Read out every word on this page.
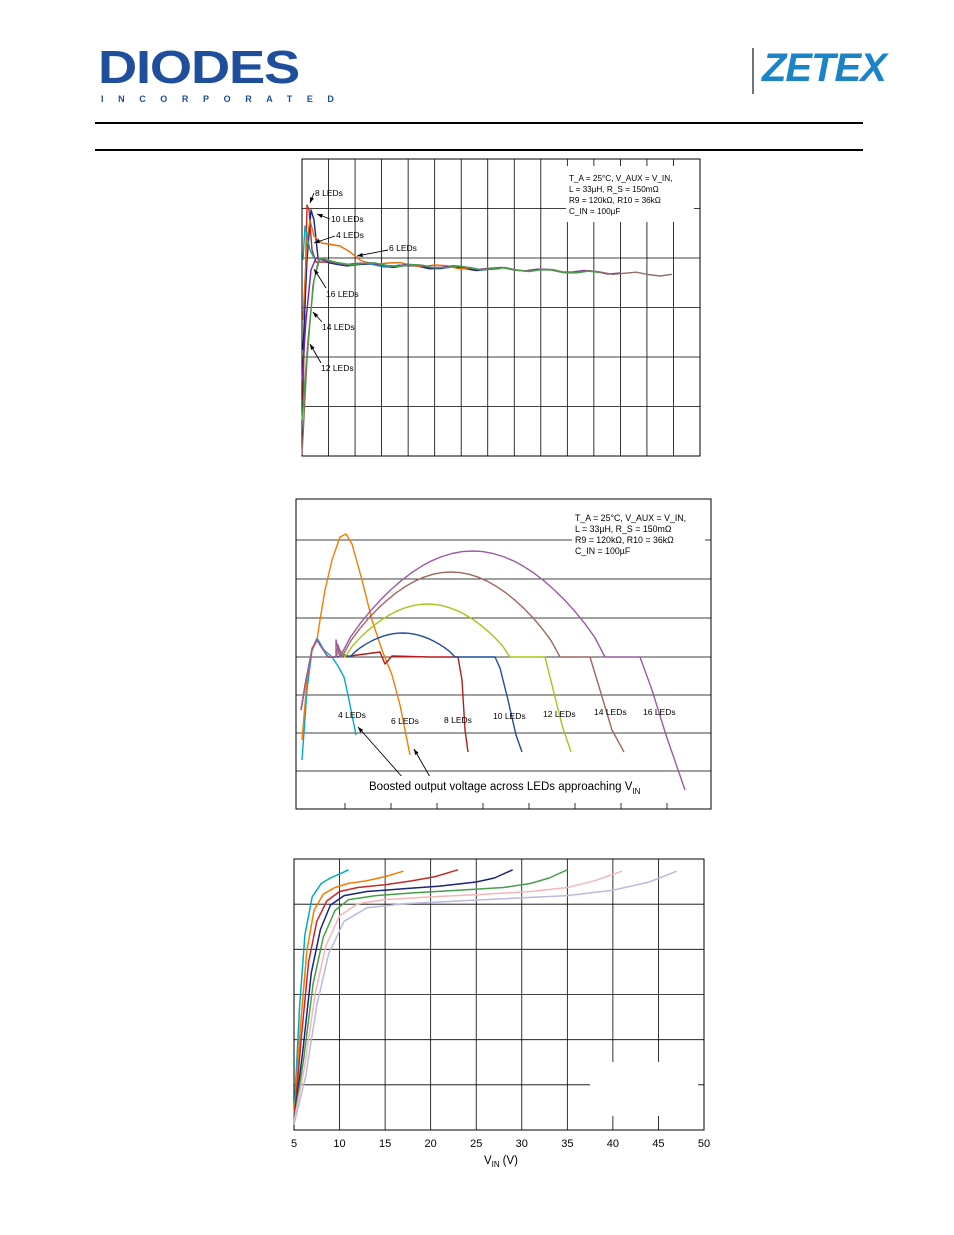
DIODES
INCORPORATED
ZETEX
T_A = 25°C, V_AUX = V_IN,
L = 33µH, R_S = 150mΩ
R9 = 120kΩ, R10 = 36kΩ
C_IN = 100µF
8 LEDs
10 LEDs
4 LEDs
6 LEDs
16 LEDs
14 LEDs
12 LEDs
T_A = 25°C, V_AUX = V_IN,
L = 33µH, R_S = 150mΩ
R9 = 120kΩ, R10 = 36kΩ
C_IN = 100µF
4 LEDs
6 LEDs	8 LEDs 10 LEDs 12 LEDs 14 LEDs 16 LEDs
Boosted output voltage across LEDs approaching $V_{IN}$
5	10	15	20	25	30	35	40	45	50
$V_{IN}$ (V)
